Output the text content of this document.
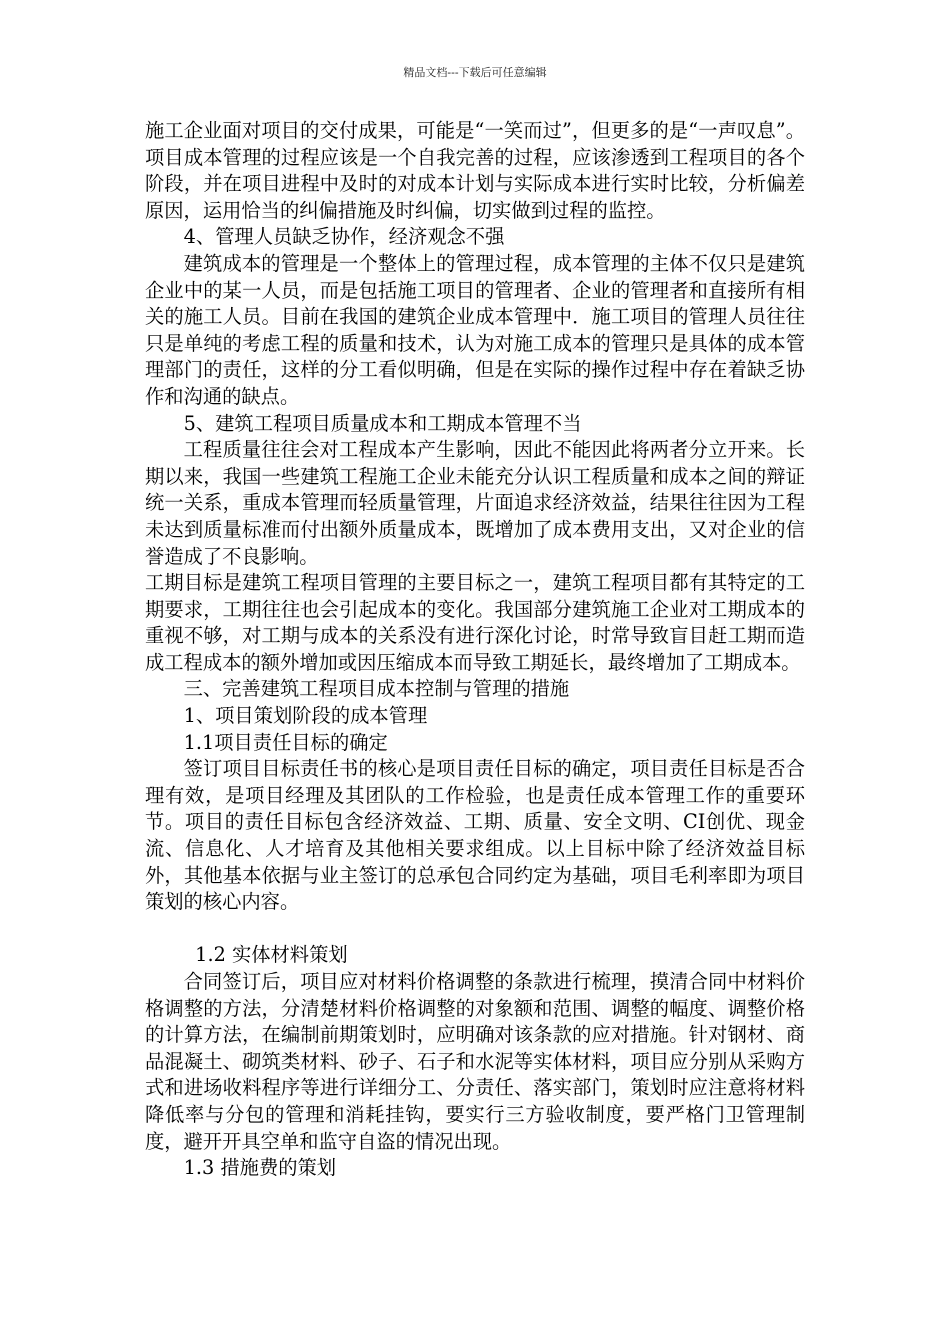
精品文档---下载后可任意编辑

施工企业面对项目的交付成果，可能是“一笑而过”，但更多的是“一声叹息”。项目成本管理的过程应该是一个自我完善的过程，应该渗透到工程项目的各个阶段，并在项目进程中及时的对成本计划与实际成本进行实时比较，分析偏差原因，运用恰当的纠偏措施及时纠偏，切实做到过程的监控。

4、管理人员缺乏协作，经济观念不强

建筑成本的管理是一个整体上的管理过程，成本管理的主体不仅只是建筑企业中的某一人员，而是包括施工项目的管理者、企业的管理者和直接所有相关的施工人员。目前在我国的建筑企业成本管理中．施工项目的管理人员往往只是单纯的考虑工程的质量和技术，认为对施工成本的管理只是具体的成本管理部门的责任，这样的分工看似明确，但是在实际的操作过程中存在着缺乏协作和沟通的缺点。

5、建筑工程项目质量成本和工期成本管理不当

工程质量往往会对工程成本产生影响，因此不能因此将两者分立开来。长期以来，我国一些建筑工程施工企业未能充分认识工程质量和成本之间的辩证统一关系，重成本管理而轻质量管理，片面追求经济效益，结果往往因为工程未达到质量标准而付出额外质量成本，既增加了成本费用支出，又对企业的信誉造成了不良影响。

工期目标是建筑工程项目管理的主要目标之一，建筑工程项目都有其特定的工期要求，工期往往也会引起成本的变化。我国部分建筑施工企业对工期成本的重视不够，对工期与成本的关系没有进行深化讨论，时常导致盲目赶工期而造成工程成本的额外增加或因压缩成本而导致工期延长，最终增加了工期成本。

三、完善建筑工程项目成本控制与管理的措施

1、项目策划阶段的成本管理

1.1项目责任目标的确定

签订项目目标责任书的核心是项目责任目标的确定，项目责任目标是否合理有效，是项目经理及其团队的工作检验，也是责任成本管理工作的重要环节。项目的责任目标包含经济效益、工期、质量、安全文明、CI创优、现金流、信息化、人才培育及其他相关要求组成。以上目标中除了经济效益目标外，其他基本依据与业主签订的总承包合同约定为基础，项目毛利率即为项目策划的核心内容。

1.2 实体材料策划

合同签订后，项目应对材料价格调整的条款进行梳理，摸清合同中材料价格调整的方法，分清楚材料价格调整的对象额和范围、调整的幅度、调整价格的计算方法，在编制前期策划时，应明确对该条款的应对措施。针对钢材、商品混凝土、砌筑类材料、砂子、石子和水泥等实体材料，项目应分别从采购方式和进场收料程序等进行详细分工、分责任、落实部门，策划时应注意将材料降低率与分包的管理和消耗挂钩，要实行三方验收制度，要严格门卫管理制度，避开开具空单和监守自盗的情况出现。

1.3 措施费的策划
